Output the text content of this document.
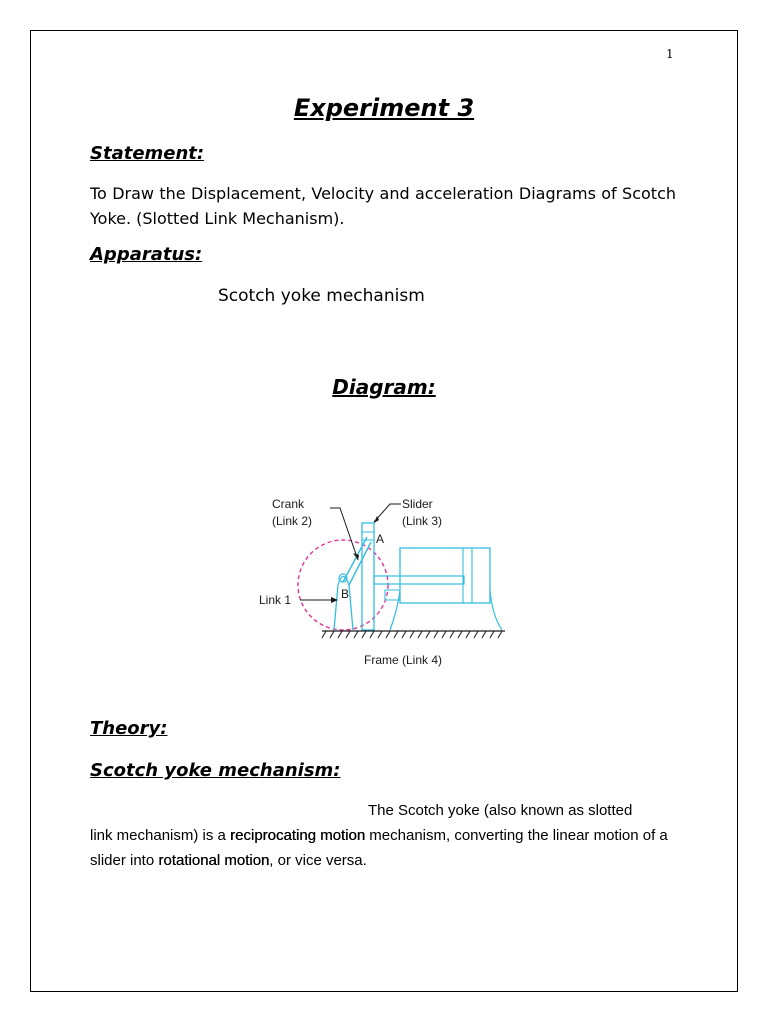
1
Experiment 3
Statement:
To Draw the Displacement, Velocity and acceleration Diagrams of Scotch Yoke. (Slotted Link Mechanism).
Apparatus:
Scotch yoke mechanism
Diagram:
Crank
(Link 2)
Slider
(Link 3)
A
B
Link 1
Frame (Link 4)
Theory:
Scotch yoke mechanism:
The Scotch yoke (also known as slotted
link mechanism) is a reciprocating motion mechanism, converting the linear motion of a slider into rotational motion, or vice versa.
